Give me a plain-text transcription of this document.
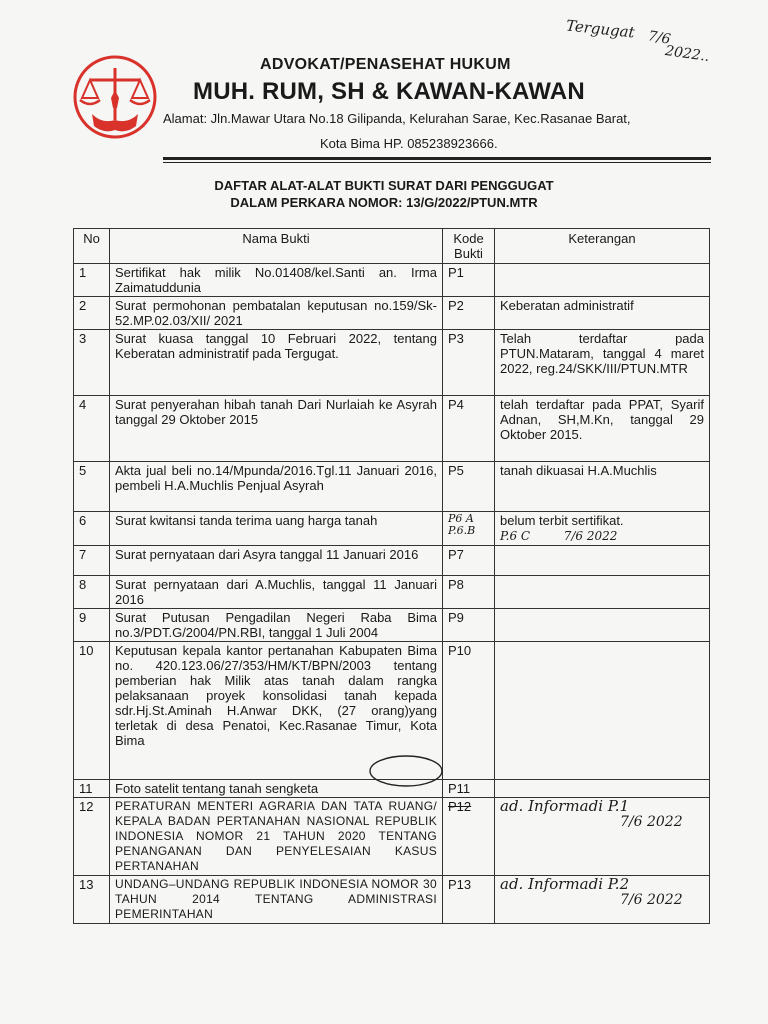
Tergugat 7/6
2022..
ADVOKAT/PENASEHAT HUKUM
MUH. RUM, SH & KAWAN-KAWAN
Alamat: Jln.Mawar Utara No.18 Gilipanda, Kelurahan Sarae, Kec.Rasanae Barat,
Kota Bima HP. 085238923666.
DAFTAR ALAT-ALAT BUKTI SURAT DARI PENGGUGAT
DALAM PERKARA NOMOR: 13/G/2022/PTUN.MTR
No	Nama Bukti	Kode Bukti	Keterangan
1	Sertifikat hak milik No.01408/kel.Santi an. Irma Zaimatuddunia	P1	
2	Surat permohonan pembatalan keputusan no.159/Sk-52.MP.02.03/XII/ 2021	P2	Keberatan administratif
3	Surat kuasa tanggal 10 Februari 2022, tentang Keberatan administratif pada Tergugat.	P3	Telah terdaftar pada PTUN.Mataram, tanggal 4 maret 2022, reg.24/SKK/III/PTUN.MTR
4	Surat penyerahan hibah tanah Dari Nurlaiah ke Asyrah tanggal 29 Oktober 2015	P4	telah terdaftar pada PPAT, Syarif Adnan, SH,M.Kn, tanggal 29 Oktober 2015.
5	Akta jual beli no.14/Mpunda/2016.Tgl.11 Januari 2016, pembeli H.A.Muchlis Penjual Asyrah	P5	tanah dikuasai H.A.Muchlis
6	Surat kwitansi tanda terima uang harga tanah	P6 A P.6.B	belum terbit sertifikat.
P.6 C 7/6 2022
7	Surat pernyataan dari Asyra tanggal 11 Januari 2016	P7	
8	Surat pernyataan dari A.Muchlis, tanggal 11 Januari 2016	P8	
9	Surat Putusan Pengadilan Negeri Raba Bima no.3/PDT.G/2004/PN.RBI, tanggal 1 Juli 2004	P9	
10	Keputusan kepala kantor pertanahan Kabupaten Bima no. 420.123.06/27/353/HM/KT/BPN/2003 tentang pemberian hak Milik atas tanah dalam rangka pelaksanaan proyek konsolidasi tanah kepada sdr.Hj.St.Aminah H.Anwar DKK, (27 orang)yang terletak di desa Penatoi, Kec.Rasanae Timur, Kota Bima	P10	
11	Foto satelit tentang tanah sengketa	P11	
12	PERATURAN MENTERI AGRARIA DAN TATA RUANG/ KEPALA BADAN PERTANAHAN NASIONAL REPUBLIK INDONESIA NOMOR 21 TAHUN 2020 TENTANG PENANGANAN DAN PENYELESAIAN KASUS PERTANAHAN	P12	ad. Informadi P.1
7/6 2022
13	UNDANG–UNDANG REPUBLIK INDONESIA NOMOR 30 TAHUN 2014 TENTANG ADMINISTRASI PEMERINTAHAN	P13	ad. Informadi P.2
7/6 2022
